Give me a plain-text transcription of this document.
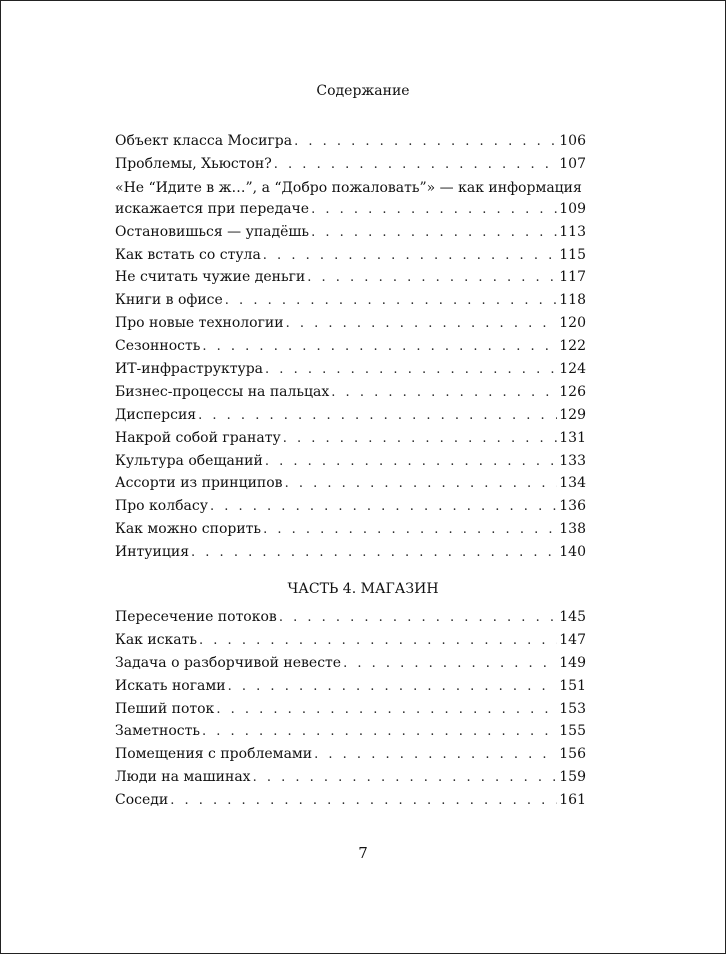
Содержание
Объект класса Мосигра . . .	106
Проблемы, Хьюстон? . . .	107
«Не “Идите в ж…”, а “Добро пожаловать”» — как информация
искажается при передаче . . .	109
Остановишься — упадёшь . . .	113
Как встать со стула . . .	115
Не считать чужие деньги . . .	117
Книги в офисе . . .	118
Про новые технологии . . .	120
Сезонность . . .	122
ИТ-инфраструктура . . .	124
Бизнес-процессы на пальцах . . .	126
Дисперсия . . .	129
Накрой собой гранату . . .	131
Культура обещаний . . .	133
Ассорти из принципов . . .	134
Про колбасу . . .	136
Как можно спорить . . .	138
Интуиция . . .	140
ЧАСТЬ 4. МАГАЗИН
Пересечение потоков . . .	145
Как искать . . .	147
Задача о разборчивой невесте . . .	149
Искать ногами . . .	151
Пеший поток . . .	153
Заметность . . .	155
Помещения с проблемами . . .	156
Люди на машинах . . .	159
Соседи . . .	161
7
